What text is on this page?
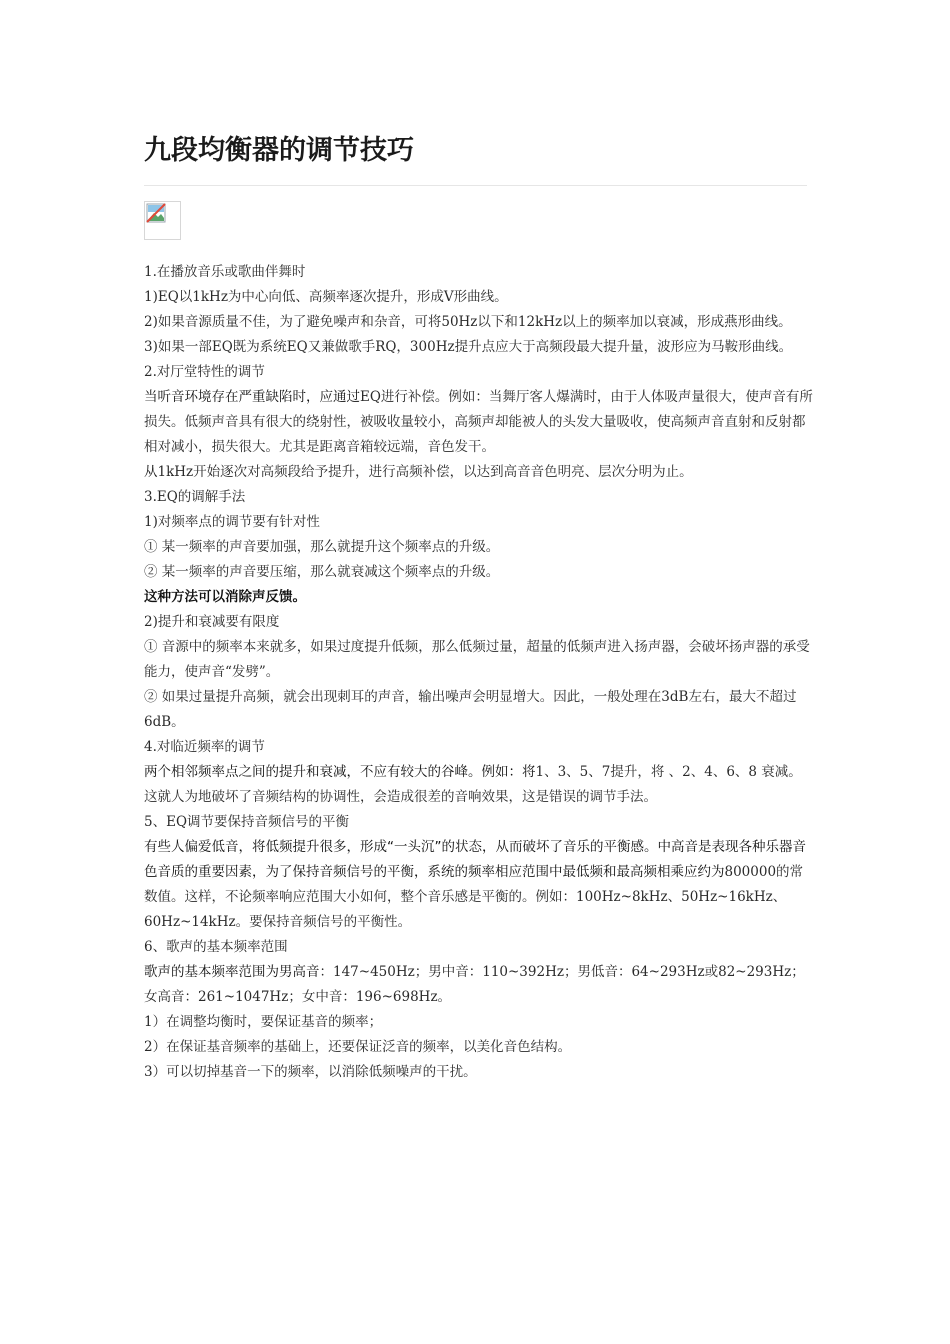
九段均衡器的调节技巧

1.在播放音乐或歌曲伴舞时

1)EQ以1kHz为中心向低、高频率逐次提升，形成V形曲线。

2)如果音源质量不佳，为了避免噪声和杂音，可将50Hz以下和12kHz以上的频率加以衰减，形成燕形曲线。

3)如果一部EQ既为系统EQ又兼做歌手RQ，300Hz提升点应大于高频段最大提升量，波形应为马鞍形曲线。

2.对厅堂特性的调节

当听音环境存在严重缺陷时，应通过EQ进行补偿。例如：当舞厅客人爆满时，由于人体吸声量很大，使声音有所损失。低频声音具有很大的绕射性，被吸收量较小，高频声却能被人的头发大量吸收，使高频声音直射和反射都相对减小，损失很大。尤其是距离音箱较远端，音色发干。

从1kHz开始逐次对高频段给予提升，进行高频补偿，以达到高音音色明亮、层次分明为止。

3.EQ的调解手法

1)对频率点的调节要有针对性

① 某一频率的声音要加强，那么就提升这个频率点的升级。

② 某一频率的声音要压缩，那么就衰减这个频率点的升级。

这种方法可以消除声反馈。

2)提升和衰减要有限度

① 音源中的频率本来就多，如果过度提升低频，那么低频过量，超量的低频声进入扬声器，会破坏扬声器的承受能力，使声音“发劈”。

② 如果过量提升高频，就会出现刺耳的声音，输出噪声会明显增大。因此，一般处理在3dB左右，最大不超过6dB。

4.对临近频率的调节

两个相邻频率点之间的提升和衰减，不应有较大的谷峰。例如：将1、3、5、7提升，将 、2、4、6、8 衰减。这就人为地破坏了音频结构的协调性，会造成很差的音响效果，这是错误的调节手法。

5、EQ调节要保持音频信号的平衡

有些人偏爱低音，将低频提升很多，形成“一头沉”的状态，从而破坏了音乐的平衡感。中高音是表现各种乐器音色音质的重要因素，为了保持音频信号的平衡，系统的频率相应范围中最低频和最高频相乘应约为800000的常数值。这样，不论频率响应范围大小如何，整个音乐感是平衡的。例如：100Hz~8kHz、50Hz~16kHz、60Hz~14kHz。要保持音频信号的平衡性。

6、歌声的基本频率范围

歌声的基本频率范围为男高音：147~450Hz；男中音：110~392Hz；男低音：64~293Hz或82~293Hz；女高音：261~1047Hz；女中音：196~698Hz。

1）在调整均衡时，要保证基音的频率；

2）在保证基音频率的基础上，还要保证泛音的频率，以美化音色结构。

3）可以切掉基音一下的频率，以消除低频噪声的干扰。
